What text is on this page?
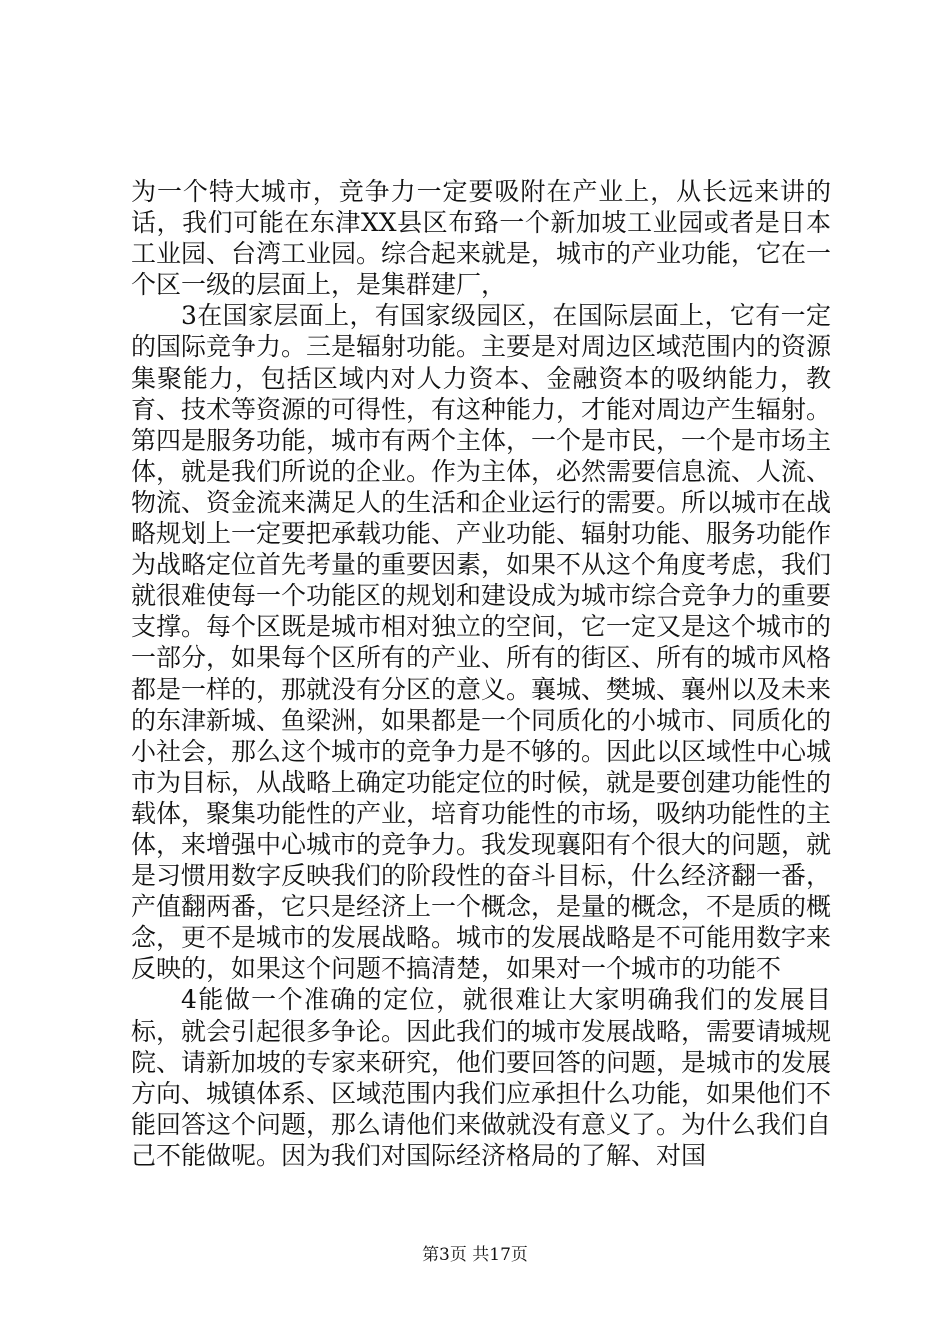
为一个特大城市，竞争力一定要吸附在产业上，从长远来讲的话，我们可能在东津XX县区布臵一个新加坡工业园或者是日本工业园、台湾工业园。综合起来就是，城市的产业功能，它在一个区一级的层面上，是集群建厂，

3在国家层面上，有国家级园区，在国际层面上，它有一定的国际竞争力。三是辐射功能。主要是对周边区域范围内的资源集聚能力，包括区域内对人力资本、金融资本的吸纳能力，教育、技术等资源的可得性，有这种能力，才能对周边产生辐射。第四是服务功能，城市有两个主体，一个是市民，一个是市场主体，就是我们所说的企业。作为主体，必然需要信息流、人流、物流、资金流来满足人的生活和企业运行的需要。所以城市在战略规划上一定要把承载功能、产业功能、辐射功能、服务功能作为战略定位首先考量的重要因素，如果不从这个角度考虑，我们就很难使每一个功能区的规划和建设成为城市综合竞争力的重要支撑。每个区既是城市相对独立的空间，它一定又是这个城市的一部分，如果每个区所有的产业、所有的街区、所有的城市风格都是一样的，那就没有分区的意义。襄城、樊城、襄州以及未来的东津新城、鱼梁洲，如果都是一个同质化的小城市、同质化的小社会，那么这个城市的竞争力是不够的。因此以区域性中心城市为目标，从战略上确定功能定位的时候，就是要创建功能性的载体，聚集功能性的产业，培育功能性的市场，吸纳功能性的主体，来增强中心城市的竞争力。我发现襄阳有个很大的问题，就是习惯用数字反映我们的阶段性的奋斗目标，什么经济翻一番，产值翻两番，它只是经济上一个概念，是量的概念，不是质的概念，更不是城市的发展战略。城市的发展战略是不可能用数字来反映的，如果这个问题不搞清楚，如果对一个城市的功能不

4能做一个准确的定位，就很难让大家明确我们的发展目标，就会引起很多争论。因此我们的城市发展战略，需要请城规院、请新加坡的专家来研究，他们要回答的问题，是城市的发展方向、城镇体系、区域范围内我们应承担什么功能，如果他们不能回答这个问题，那么请他们来做就没有意义了。为什么我们自己不能做呢。因为我们对国际经济格局的了解、对国

第3页 共17页
